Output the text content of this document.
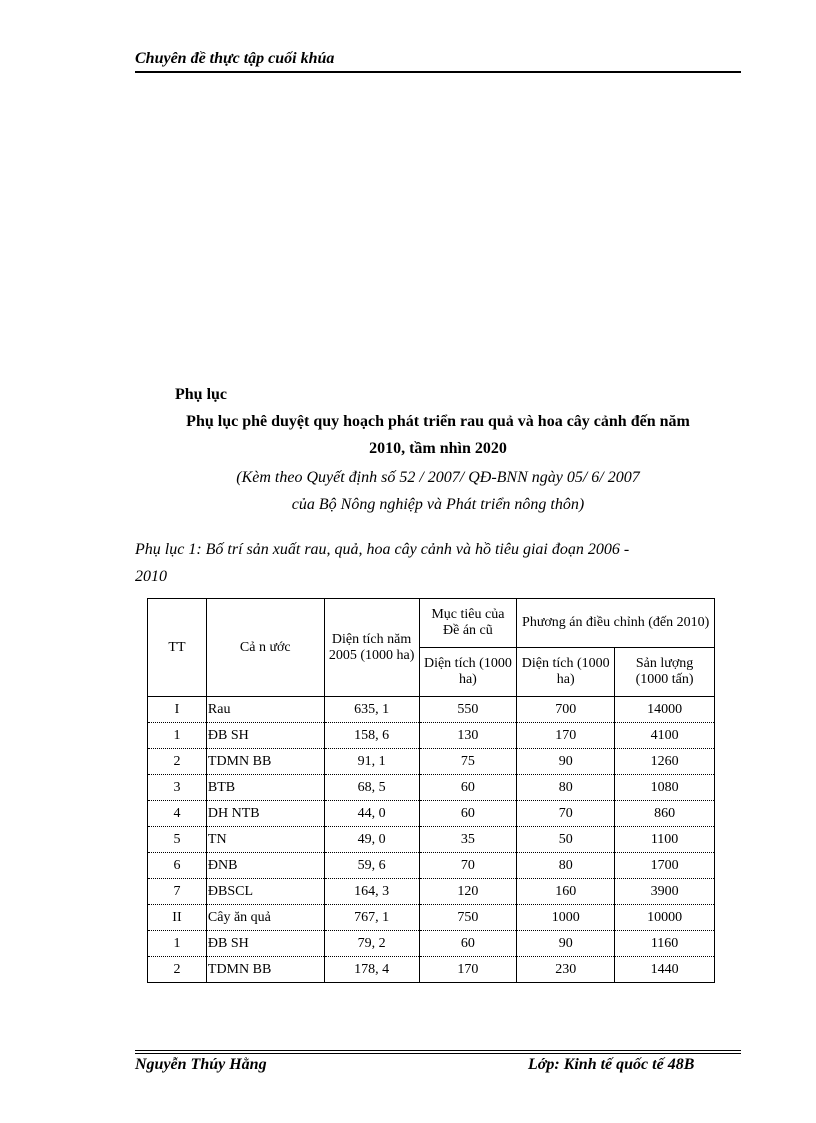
Chuyên đề thực tập cuối khúa
Phụ lục
Phụ lục phê duyệt quy hoạch phát triển rau quả và hoa cây cảnh đến năm
2010, tầm nhìn 2020
(Kèm theo Quyết định số 52 / 2007/ QĐ-BNN ngày 05/ 6/ 2007
của Bộ Nông nghiệp và Phát triển nông thôn)
Phụ lục 1: Bố trí sản xuất rau, quả, hoa cây cảnh và hồ tiêu giai đoạn 2006 -
2010
TT	Cả n ước	Diện tích năm 2005 (1000 ha)	Mục tiêu của Đề án cũ	Phương án điều chỉnh (đến 2010)	
			Diện tích (1000 ha)	Diện tích (1000 ha)	Sản lượng (1000 tấn)
I	Rau	635, 1	550	700	14000
1	ĐB SH	158, 6	130	170	4100
2	TDMN BB	91, 1	75	90	1260
3	BTB	68, 5	60	80	1080
4	DH NTB	44, 0	60	70	860
5	TN	49, 0	35	50	1100
6	ĐNB	59, 6	70	80	1700
7	ĐBSCL	164, 3	120	160	3900
II	Cây ăn quả	767, 1	750	1000	10000
1	ĐB SH	79, 2	60	90	1160
2	TDMN BB	178, 4	170	230	1440
Nguyễn Thúy Hằng	Lớp: Kinh tế quốc tế 48B
